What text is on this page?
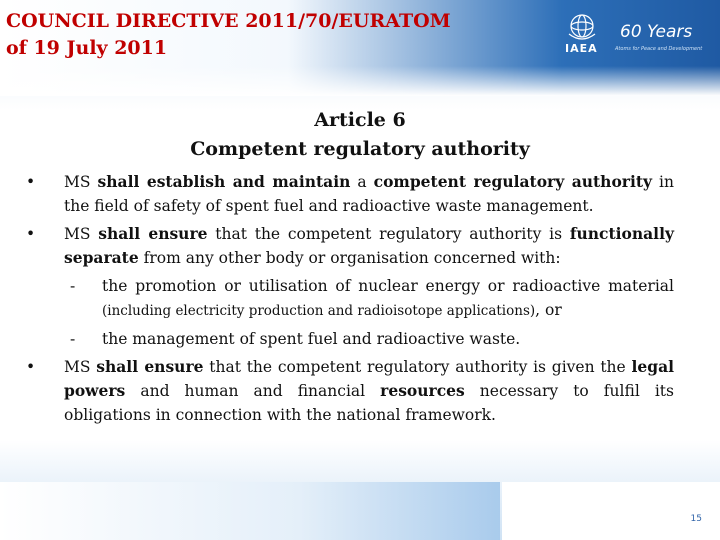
COUNCIL DIRECTIVE 2011/70/EURATOM
of 19 July 2011
60 Years
IAEA	Atoms for Peace and Development
Article 6
Competent regulatory authority
•	MS shall establish and maintain a competent regulatory authority in the field of safety of spent fuel and radioactive waste management.
•	MS shall ensure that the competent regulatory authority is functionally separate from any other body or organisation concerned with:
- the promotion or utilisation of nuclear energy or radioactive material (including electricity production and radioisotope applications), or
- the management of spent fuel and radioactive waste.
•	MS shall ensure that the competent regulatory authority is given the legal powers and human and financial resources necessary to fulfil its obligations in connection with the national framework.
15
